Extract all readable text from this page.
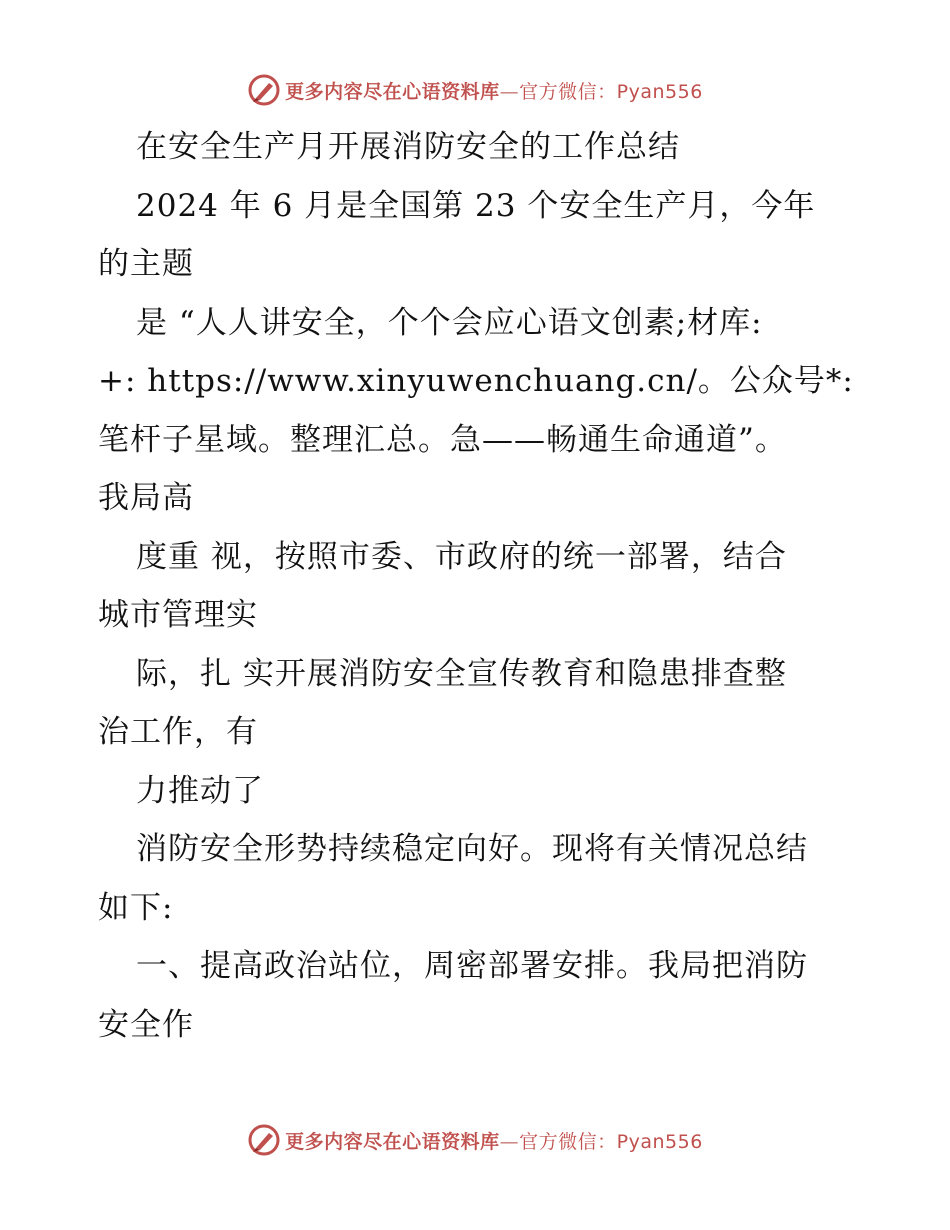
更多内容尽在心语资料库—官方微信：Pyan556
在安全生产月开展消防安全的工作总结
2024 年 6 月是全国第 23 个安全生产月，今年
的主题
是 “人人讲安全，个个会应心语文创素;材库:
+: https://www.xinyuwenchuang.cn/。公众号*:
笔杆子星域。整理汇总。急——畅通生命通道”。
我局高
度重 视，按照市委、市政府的统一部署，结合
城市管理实
际，扎 实开展消防安全宣传教育和隐患排查整
治工作，有
力推动了
消防安全形势持续稳定向好。现将有关情况总结
如下:
一、提高政治站位，周密部署安排。我局把消防
安全作
更多内容尽在心语资料库—官方微信：Pyan556
